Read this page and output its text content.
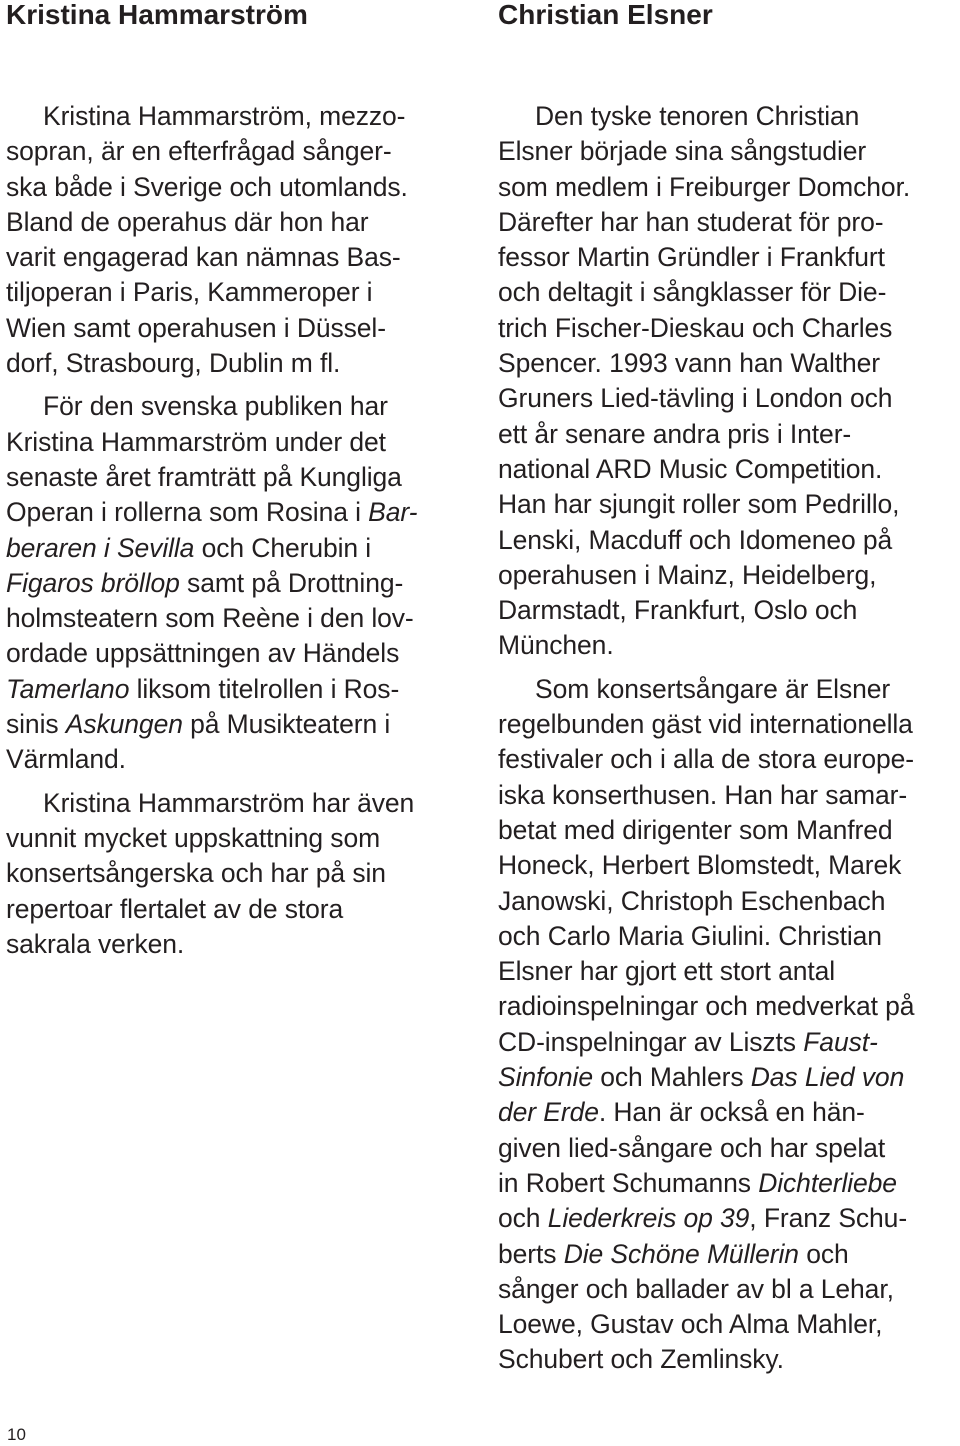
Kristina Hammarström	Christian Elsner
Kristina Hammarström, mezzo-
sopran, är en efterfrågad sånger-
ska både i Sverige och utomlands.
Bland de operahus där hon har
varit engagerad kan nämnas Bas-
tiljoperan i Paris, Kammeroper i
Wien samt operahusen i Düssel-
dorf, Strasbourg, Dublin m fl.
För den svenska publiken har
Kristina Hammarström under det
senaste året framträtt på Kungliga
Operan i rollerna som Rosina i Bar-
beraren i Sevilla och Cherubin i
Figaros bröllop samt på Drottning-
holmsteatern som Reène i den lov-
ordade uppsättningen av Händels
Tamerlano liksom titelrollen i Ros-
sinis Askungen på Musikteatern i
Värmland.
Kristina Hammarström har även
vunnit mycket uppskattning som
konsertsångerska och har på sin
repertoar flertalet av de stora
sakrala verken.
Den tyske tenoren Christian
Elsner började sina sångstudier
som medlem i Freiburger Domchor.
Därefter har han studerat för pro-
fessor Martin Gründler i Frankfurt
och deltagit i sångklasser för Die-
trich Fischer-Dieskau och Charles
Spencer. 1993 vann han Walther
Gruners Lied-tävling i London och
ett år senare andra pris i Inter-
national ARD Music Competition.
Han har sjungit roller som Pedrillo,
Lenski, Macduff och Idomeneo på
operahusen i Mainz, Heidelberg,
Darmstadt, Frankfurt, Oslo och
München.
Som konsertsångare är Elsner
regelbunden gäst vid internationella
festivaler och i alla de stora europe-
iska konserthusen. Han har samar-
betat med dirigenter som Manfred
Honeck, Herbert Blomstedt, Marek
Janowski, Christoph Eschenbach
och Carlo Maria Giulini. Christian
Elsner har gjort ett stort antal
radioinspelningar och medverkat på
CD-inspelningar av Liszts Faust-
Sinfonie och Mahlers Das Lied von
der Erde. Han är också en hän-
given lied-sångare och har spelat
in Robert Schumanns Dichterliebe
och Liederkreis op 39, Franz Schu-
berts Die Schöne Müllerin och
sånger och ballader av bl a Lehar,
Loewe, Gustav och Alma Mahler,
Schubert och Zemlinsky.
10
